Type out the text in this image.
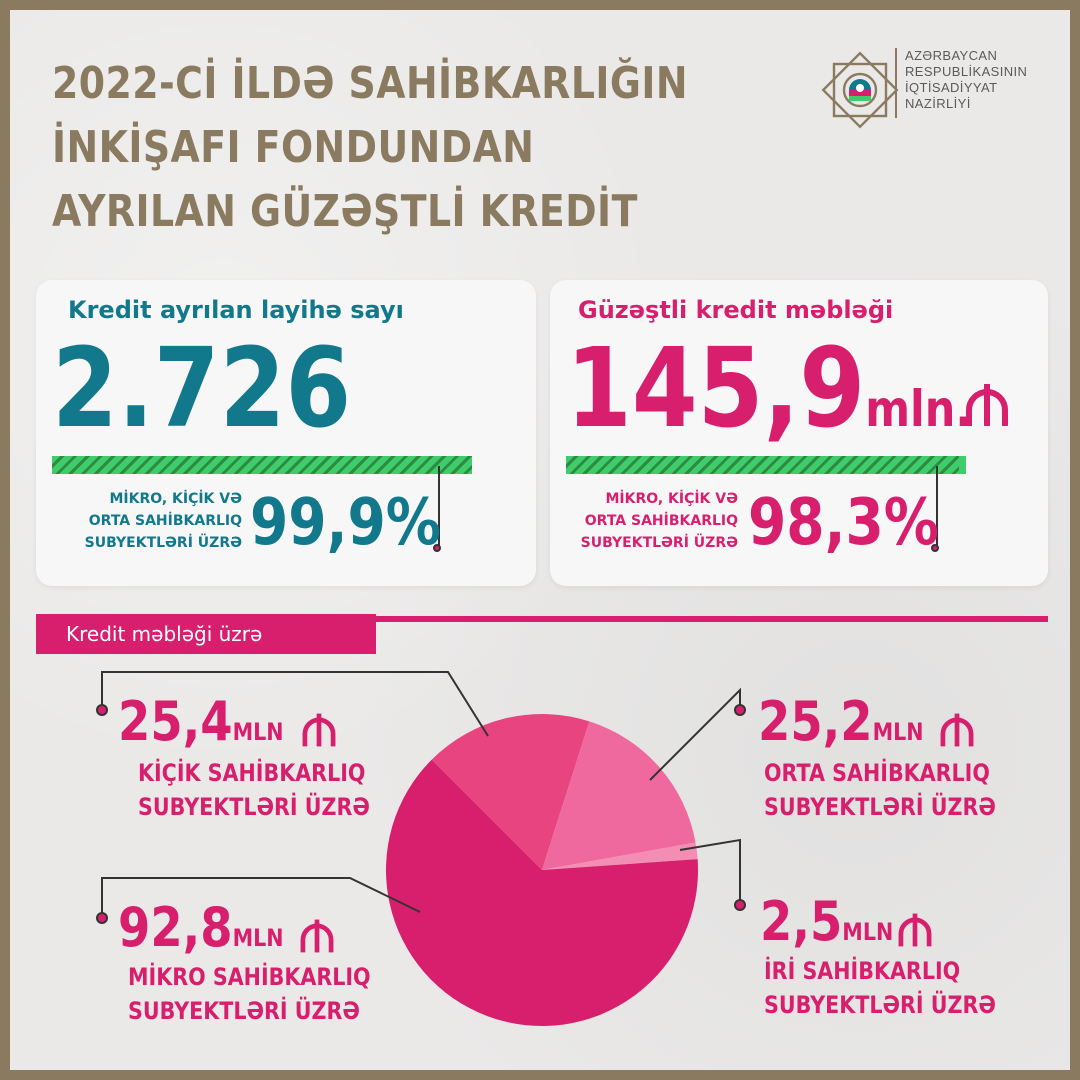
2022-Cİ İLDƏ SAHİBKARLIĞIN
İNKİŞAFI FONDUNDAN
AYRILAN GÜZƏŞTLİ KREDİT
AZƏRBAYCAN
RESPUBLİKASININ
İQTİSADİYYAT
NAZİRLİYİ
Kredit ayrılan layihə sayı
2.726
MİKRO, KİÇİK VƏ
ORTA SAHİBKARLIQ
SUBYEKTLƏRİ ÜZRƏ 99,9%
Güzəştli kredit məbləği
145,9mln.
MİKRO, KİÇİK VƏ
ORTA SAHİBKARLIQ
SUBYEKTLƏRİ ÜZRƏ 98,3%
Kredit məbləği üzrə
25,4MLN
KİÇİK SAHİBKARLIQ
SUBYEKTLƏRİ ÜZRƏ
25,2MLN
ORTA SAHİBKARLIQ
SUBYEKTLƏRİ ÜZRƏ
2,5MLN
İRİ SAHİBKARLIQ
SUBYEKTLƏRİ ÜZRƏ
92,8MLN
MİKRO SAHİBKARLIQ
SUBYEKTLƏRİ ÜZRƏ
